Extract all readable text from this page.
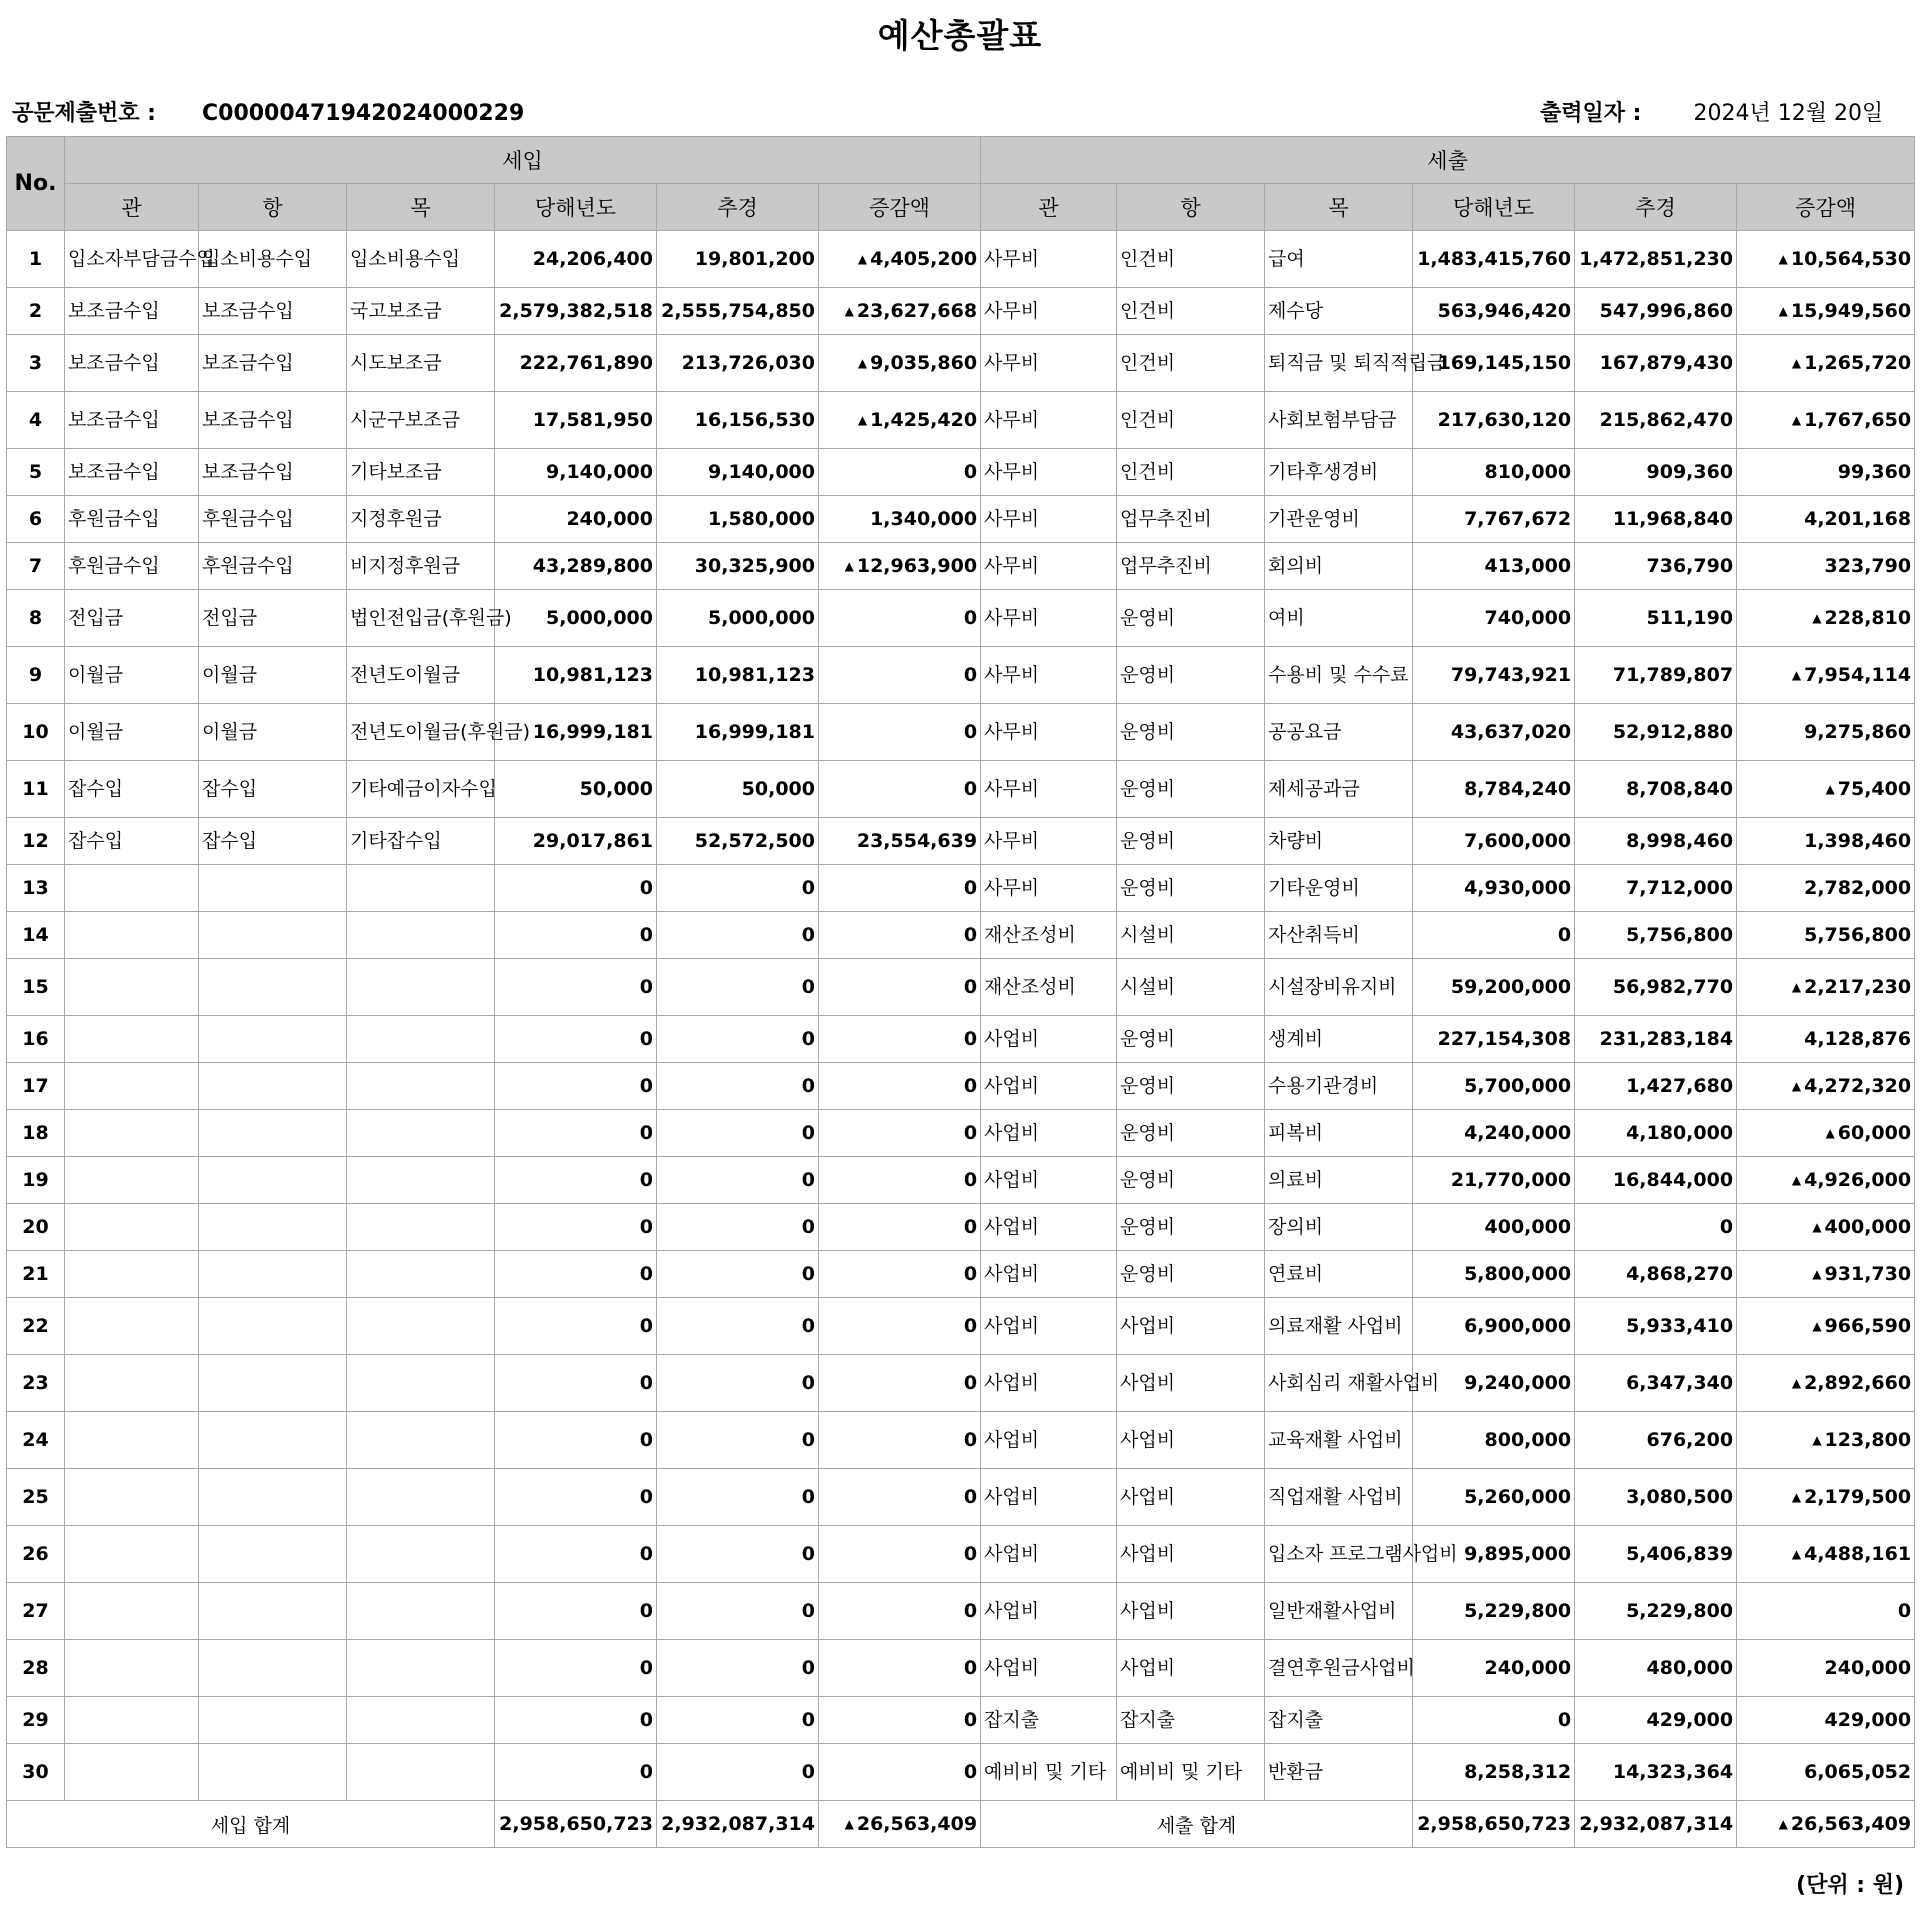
예산총괄표
공문제출번호 : C00000471942024000229	출력일자 : 2024년 12월 20일
No.	세입						세출					
	관	항	목	당해년도	추경	증감액	관	항	목	당해년도	추경	증감액
1	입소자부담금수입	입소비용수입	입소비용수입	24,206,400	19,801,200	▲ 4,405,200	사무비	인건비	급여	1,483,415,760	1,472,851,230	▲ 10,564,530
2	보조금수입	보조금수입	국고보조금	2,579,382,518	2,555,754,850	▲ 23,627,668	사무비	인건비	제수당	563,946,420	547,996,860	▲ 15,949,560
3	보조금수입	보조금수입	시도보조금	222,761,890	213,726,030	▲ 9,035,860	사무비	인건비	퇴직금 및 퇴직적립금	169,145,150	167,879,430	▲ 1,265,720
4	보조금수입	보조금수입	시군구보조금	17,581,950	16,156,530	▲ 1,425,420	사무비	인건비	사회보험부담금	217,630,120	215,862,470	▲ 1,767,650
5	보조금수입	보조금수입	기타보조금	9,140,000	9,140,000	0	사무비	인건비	기타후생경비	810,000	909,360	99,360
6	후원금수입	후원금수입	지정후원금	240,000	1,580,000	1,340,000	사무비	업무추진비	기관운영비	7,767,672	11,968,840	4,201,168
7	후원금수입	후원금수입	비지정후원금	43,289,800	30,325,900	▲ 12,963,900	사무비	업무추진비	회의비	413,000	736,790	323,790
8	전입금	전입금	법인전입금(후원금)	5,000,000	5,000,000	0	사무비	운영비	여비	740,000	511,190	▲ 228,810
9	이월금	이월금	전년도이월금	10,981,123	10,981,123	0	사무비	운영비	수용비 및 수수료	79,743,921	71,789,807	▲ 7,954,114
10	이월금	이월금	전년도이월금(후원금)	16,999,181	16,999,181	0	사무비	운영비	공공요금	43,637,020	52,912,880	9,275,860
11	잡수입	잡수입	기타예금이자수입	50,000	50,000	0	사무비	운영비	제세공과금	8,784,240	8,708,840	▲ 75,400
12	잡수입	잡수입	기타잡수입	29,017,861	52,572,500	23,554,639	사무비	운영비	차량비	7,600,000	8,998,460	1,398,460
13				0	0	0	사무비	운영비	기타운영비	4,930,000	7,712,000	2,782,000
14				0	0	0	재산조성비	시설비	자산취득비	0	5,756,800	5,756,800
15				0	0	0	재산조성비	시설비	시설장비유지비	59,200,000	56,982,770	▲ 2,217,230
16				0	0	0	사업비	운영비	생계비	227,154,308	231,283,184	4,128,876
17				0	0	0	사업비	운영비	수용기관경비	5,700,000	1,427,680	▲ 4,272,320
18				0	0	0	사업비	운영비	피복비	4,240,000	4,180,000	▲ 60,000
19				0	0	0	사업비	운영비	의료비	21,770,000	16,844,000	▲ 4,926,000
20				0	0	0	사업비	운영비	장의비	400,000	0	▲ 400,000
21				0	0	0	사업비	운영비	연료비	5,800,000	4,868,270	▲ 931,730
22				0	0	0	사업비	사업비	의료재활 사업비	6,900,000	5,933,410	▲ 966,590
23				0	0	0	사업비	사업비	사회심리 재활사업비	9,240,000	6,347,340	▲ 2,892,660
24				0	0	0	사업비	사업비	교육재활 사업비	800,000	676,200	▲ 123,800
25				0	0	0	사업비	사업비	직업재활 사업비	5,260,000	3,080,500	▲ 2,179,500
26				0	0	0	사업비	사업비	입소자 프로그램사업비	9,895,000	5,406,839	▲ 4,488,161
27				0	0	0	사업비	사업비	일반재활사업비	5,229,800	5,229,800	0
28				0	0	0	사업비	사업비	결연후원금사업비	240,000	480,000	240,000
29				0	0	0	잡지출	잡지출	잡지출	0	429,000	429,000
30				0	0	0	예비비 및 기타	예비비 및 기타	반환금	8,258,312	14,323,364	6,065,052
세입 합계				2,958,650,723	2,932,087,314	▲ 26,563,409	세출 합계			2,958,650,723	2,932,087,314	▲ 26,563,409
(단위 : 원)
